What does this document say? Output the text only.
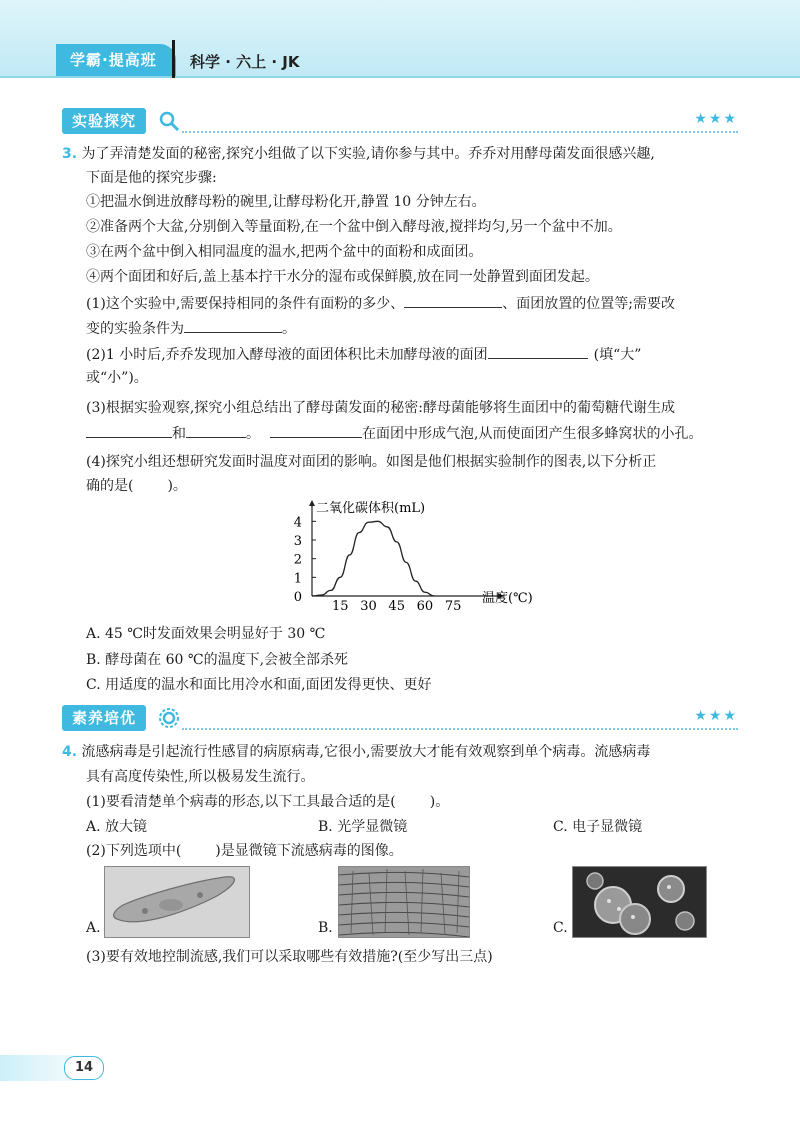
学霸·提高班 科学 · 六上 · JK
实验探究	★★★
3. 为了弄清楚发面的秘密,探究小组做了以下实验,请你参与其中。乔乔对用酵母菌发面很感兴趣,
下面是他的探究步骤:
①把温水倒进放酵母粉的碗里,让酵母粉化开,静置 10 分钟左右。
②准备两个大盆,分别倒入等量面粉,在一个盆中倒入酵母液,搅拌均匀,另一个盆中不加。
③在两个盆中倒入相同温度的温水,把两个盆中的面粉和成面团。
④两个面团和好后,盖上基本拧干水分的湿布或保鲜膜,放在同一处静置到面团发起。
(1)这个实验中,需要保持相同的条件有面粉的多少、	、面团放置的位置等;需要改
变的实验条件为	。
(2)1 小时后,乔乔发现加入酵母液的面团体积比未加酵母液的面团	(填“大”
或“小”)。
(3)根据实验观察,探究小组总结出了酵母菌发面的秘密:酵母菌能够将生面团中的葡萄糖代谢生成
和	。	在面团中形成气泡,从而使面团产生很多蜂窝状的小孔。
(4)探究小组还想研究发面时温度对面团的影响。如图是他们根据实验制作的图表,以下分析正
确的是( )。
0
1
2
3
4
15 30 45 60 75
二氧化碳体积(mL)
温度(℃)
A. 45 ℃时发面效果会明显好于 30 ℃
B. 酵母菌在 60 ℃的温度下,会被全部杀死
C. 用适度的温水和面比用冷水和面,面团发得更快、更好
素养培优	★★★
4. 流感病毒是引起流行性感冒的病原病毒,它很小,需要放大才能有效观察到单个病毒。流感病毒
具有高度传染性,所以极易发生流行。
(1)要看清楚单个病毒的形态,以下工具最合适的是( )。
A. 放大镜	B. 光学显微镜	C. 电子显微镜
(2)下列选项中( )是显微镜下流感病毒的图像。
A.	B.	C.
(3)要有效地控制流感,我们可以采取哪些有效措施?(至少写出三点)
14
